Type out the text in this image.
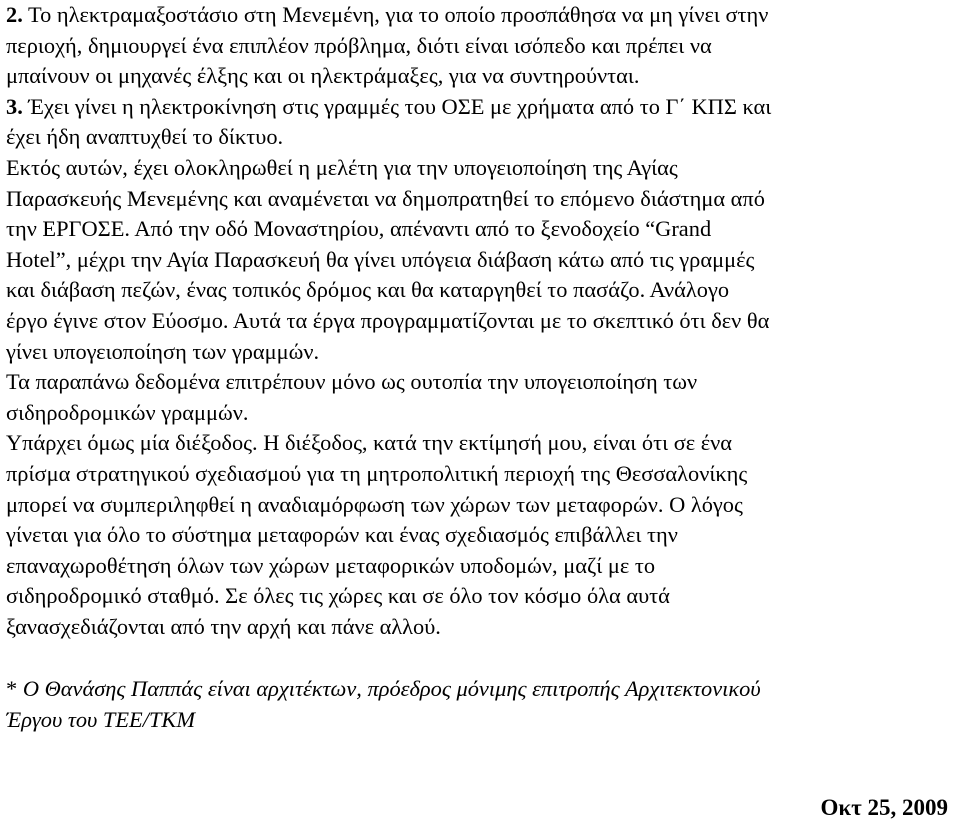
2. Το ηλεκτραμαξοστάσιο στη Μενεμένη, για το οποίο προσπάθησα να μη γίνει στην
περιοχή, δημιουργεί ένα επιπλέον πρόβλημα, διότι είναι ισόπεδο και πρέπει να
μπαίνουν οι μηχανές έλξης και οι ηλεκτράμαξες, για να συντηρούνται.

3. Έχει γίνει η ηλεκτροκίνηση στις γραμμές του ΟΣΕ με χρήματα από το Γ΄ ΚΠΣ και
έχει ήδη αναπτυχθεί το δίκτυο.
Εκτός αυτών, έχει ολοκληρωθεί η μελέτη για την υπογειοποίηση της Αγίας
Παρασκευής Μενεμένης και αναμένεται να δημοπρατηθεί το επόμενο διάστημα από
την ΕΡΓΟΣΕ. Από την οδό Μοναστηρίου, απέναντι από το ξενοδοχείο “Grand
Hotel”, μέχρι την Αγία Παρασκευή θα γίνει υπόγεια διάβαση κάτω από τις γραμμές
και διάβαση πεζών, ένας τοπικός δρόμος και θα καταργηθεί το πασάζο. Ανάλογο
έργο έγινε στον Εύοσμο. Αυτά τα έργα προγραμματίζονται με το σκεπτικό ότι δεν θα
γίνει υπογειοποίηση των γραμμών.
Τα παραπάνω δεδομένα επιτρέπουν μόνο ως ουτοπία την υπογειοποίηση των
σιδηροδρομικών γραμμών.
Υπάρχει όμως μία διέξοδος. Η διέξοδος, κατά την εκτίμησή μου, είναι ότι σε ένα
πρίσμα στρατηγικού σχεδιασμού για τη μητροπολιτική περιοχή της Θεσσαλονίκης
μπορεί να συμπεριληφθεί η αναδιαμόρφωση των χώρων των μεταφορών. Ο λόγος
γίνεται για όλο το σύστημα μεταφορών και ένας σχεδιασμός επιβάλλει την
επαναχωροθέτηση όλων των χώρων μεταφορικών υποδομών, μαζί με το
σιδηροδρομικό σταθμό. Σε όλες τις χώρες και σε όλο τον κόσμο όλα αυτά
ξανασχεδιάζονται από την αρχή και πάνε αλλού.

* Ο Θανάσης Παππάς είναι αρχιτέκτων, πρόεδρος μόνιμης επιτροπής Αρχιτεκτονικού
Έργου του ΤΕΕ/ΤΚΜ

Οκτ 25, 2009
